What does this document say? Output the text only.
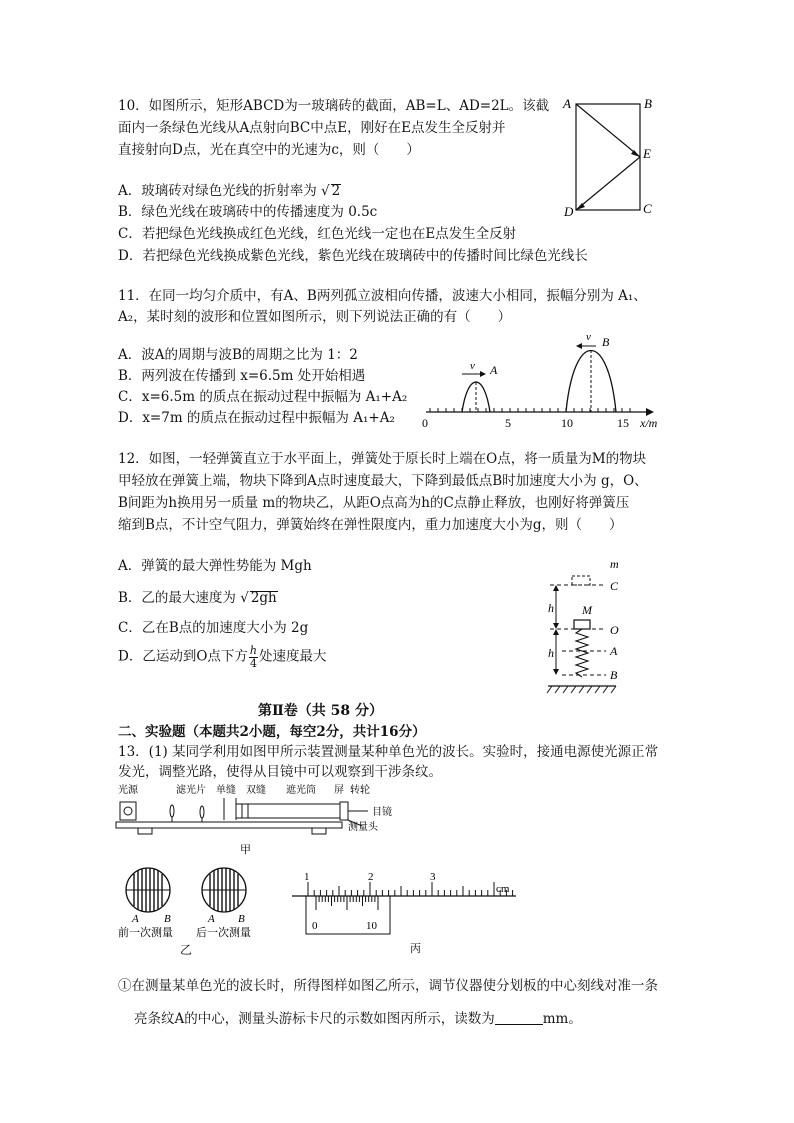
10．如图所示，矩形ABCD为一玻璃砖的截面，AB=L、AD=2L。该截
面内一条绿色光线从A点射向BC中点E，刚好在E点发生全反射并
直接射向D点，光在真空中的光速为c，则（　　）
A．玻璃砖对绿色光线的折射率为 √ 2
B．绿色光线在玻璃砖中的传播速度为 0.5c
C．若把绿色光线换成红色光线，红色光线一定也在E点发生全反射
D．若把绿色光线换成紫色光线，紫色光线在玻璃砖中的传播时间比绿色光线长
A	B
E
D	C
11．在同一均匀介质中，有A、B两列孤立波相向传播，波速大小相同，振幅分别为 A₁、
A₂，某时刻的波形和位置如图所示，则下列说法正确的有（　　）
A．波A的周期与波B的周期之比为 1：2
B．两列波在传播到 x=6.5m 处开始相遇
C．x=6.5m 的质点在振动过程中振幅为 A₁+A₂
D．x=7m 的质点在振动过程中振幅为 A₁+A₂
v A
v B
0	5	10	15 x/m
12．如图，一轻弹簧直立于水平面上，弹簧处于原长时上端在O点，将一质量为M的物块
甲轻放在弹簧上端，物块下降到A点时速度最大，下降到最低点B时加速度大小为 g，O、
B间距为h换用另一质量 m的物块乙，从距O点高为h的C点静止释放，也刚好将弹簧压
缩到B点，不计空气阻力，弹簧始终在弹性限度内，重力加速度大小为g，则（　　）
A．弹簧的最大弹性势能为 Mgh
B．乙的最大速度为 √ 2gh
C．乙在B点的加速度大小为 2g
D．乙运动到O点下方 $\frac{h}{4}$ 处速度最大
m
C
M
O
h
h	A
B
第Ⅱ卷（共 58 分）
二、实验题（本题共2小题，每空2分，共计16分）
13．(1) 某同学利用如图甲所示装置测量某种单色光的波长。实验时，接通电源使光源正常
发光，调整光路，使得从目镜中可以观察到干涉条纹。
光源	滤光片 单缝 双缝 遮光筒 屏 转轮
目镜
测量头
甲
A B	A B
前一次测量 后一次测量
乙
1	2	3
cm
0	10
丙
①在测量某单色光的波长时，所得图样如图乙所示，调节仪器使分划板的中心刻线对准一条
亮条纹A的中心，测量头游标卡尺的示数如图丙所示，读数为	mm。
